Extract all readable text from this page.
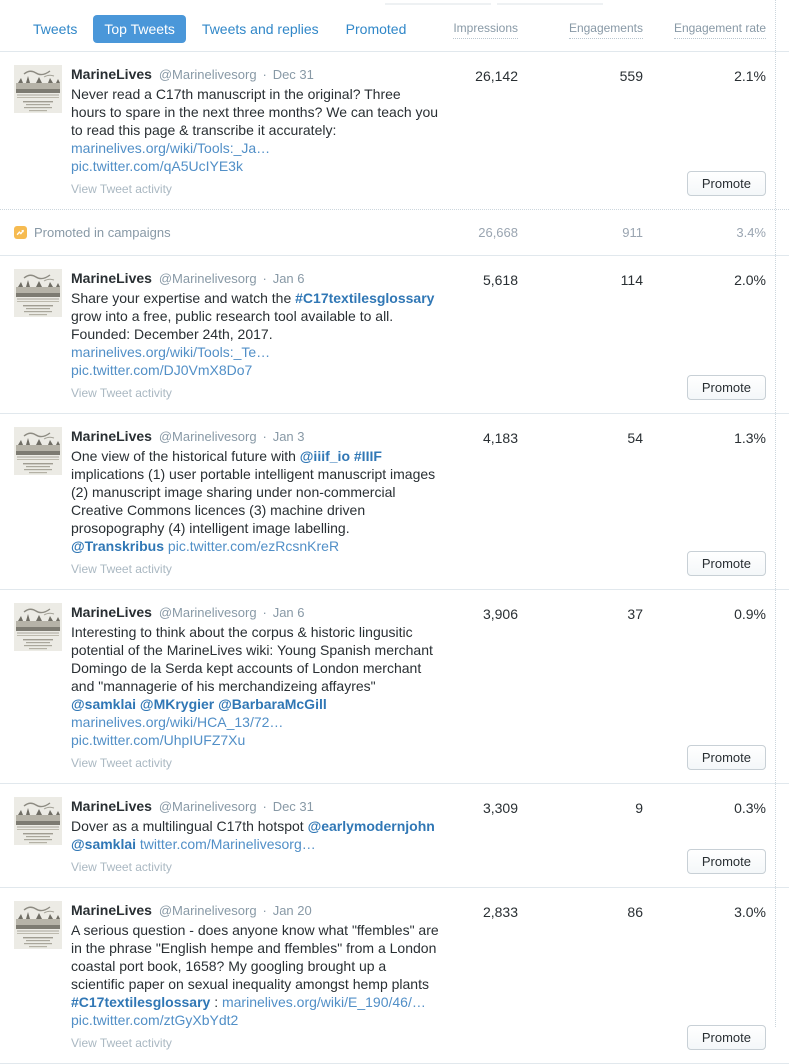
Tweets	Top Tweets	Tweets and replies	Promoted	Impressions	Engagements	Engagement rate
MarineLives @Marinelivesorg · Dec 31
Never read a C17th manuscript in the original? Three
hours to spare in the next three months? We can teach you
to read this page & transcribe it accurately:
marinelives.org/wiki/Tools:_Ja…
pic.twitter.com/qA5UcIYE3k
View Tweet activity
26,142	559	2.1%
Promote
Promoted in campaigns	26,668	911	3.4%
MarineLives @Marinelivesorg · Jan 6
Share your expertise and watch the #C17textilesglossary
grow into a free, public research tool available to all.
Founded: December 24th, 2017.
marinelives.org/wiki/Tools:_Te…
pic.twitter.com/DJ0VmX8Do7
View Tweet activity
5,618	114	2.0%
Promote
MarineLives @Marinelivesorg · Jan 3
One view of the historical future with @iiif_io #IIIF
implications (1) user portable intelligent manuscript images
(2) manuscript image sharing under non-commercial
Creative Commons licences (3) machine driven
prosopography (4) intelligent image labelling.
@Transkribus pic.twitter.com/ezRcsnKreR
View Tweet activity
4,183	54	1.3%
Promote
MarineLives @Marinelivesorg · Jan 6
Interesting to think about the corpus & historic lingusitic
potential of the MarineLives wiki: Young Spanish merchant
Domingo de la Serda kept accounts of London merchant
and "mannagerie of his merchandizeing affayres"
@samklai @MKrygier @BarbaraMcGill
marinelives.org/wiki/HCA_13/72…
pic.twitter.com/UhpIUFZ7Xu
View Tweet activity
3,906	37	0.9%
Promote
MarineLives @Marinelivesorg · Dec 31
Dover as a multilingual C17th hotspot @earlymodernjohn
@samklai twitter.com/Marinelivesorg…
View Tweet activity
3,309	9	0.3%
Promote
MarineLives @Marinelivesorg · Jan 20
A serious question - does anyone know what "ffembles" are
in the phrase "English hempe and ffembles" from a London
coastal port book, 1658? My googling brought up a
scientific paper on sexual inequality amongst hemp plants
#C17textilesglossary : marinelives.org/wiki/E_190/46/…
pic.twitter.com/ztGyXbYdt2
View Tweet activity
2,833	86	3.0%
Promote
